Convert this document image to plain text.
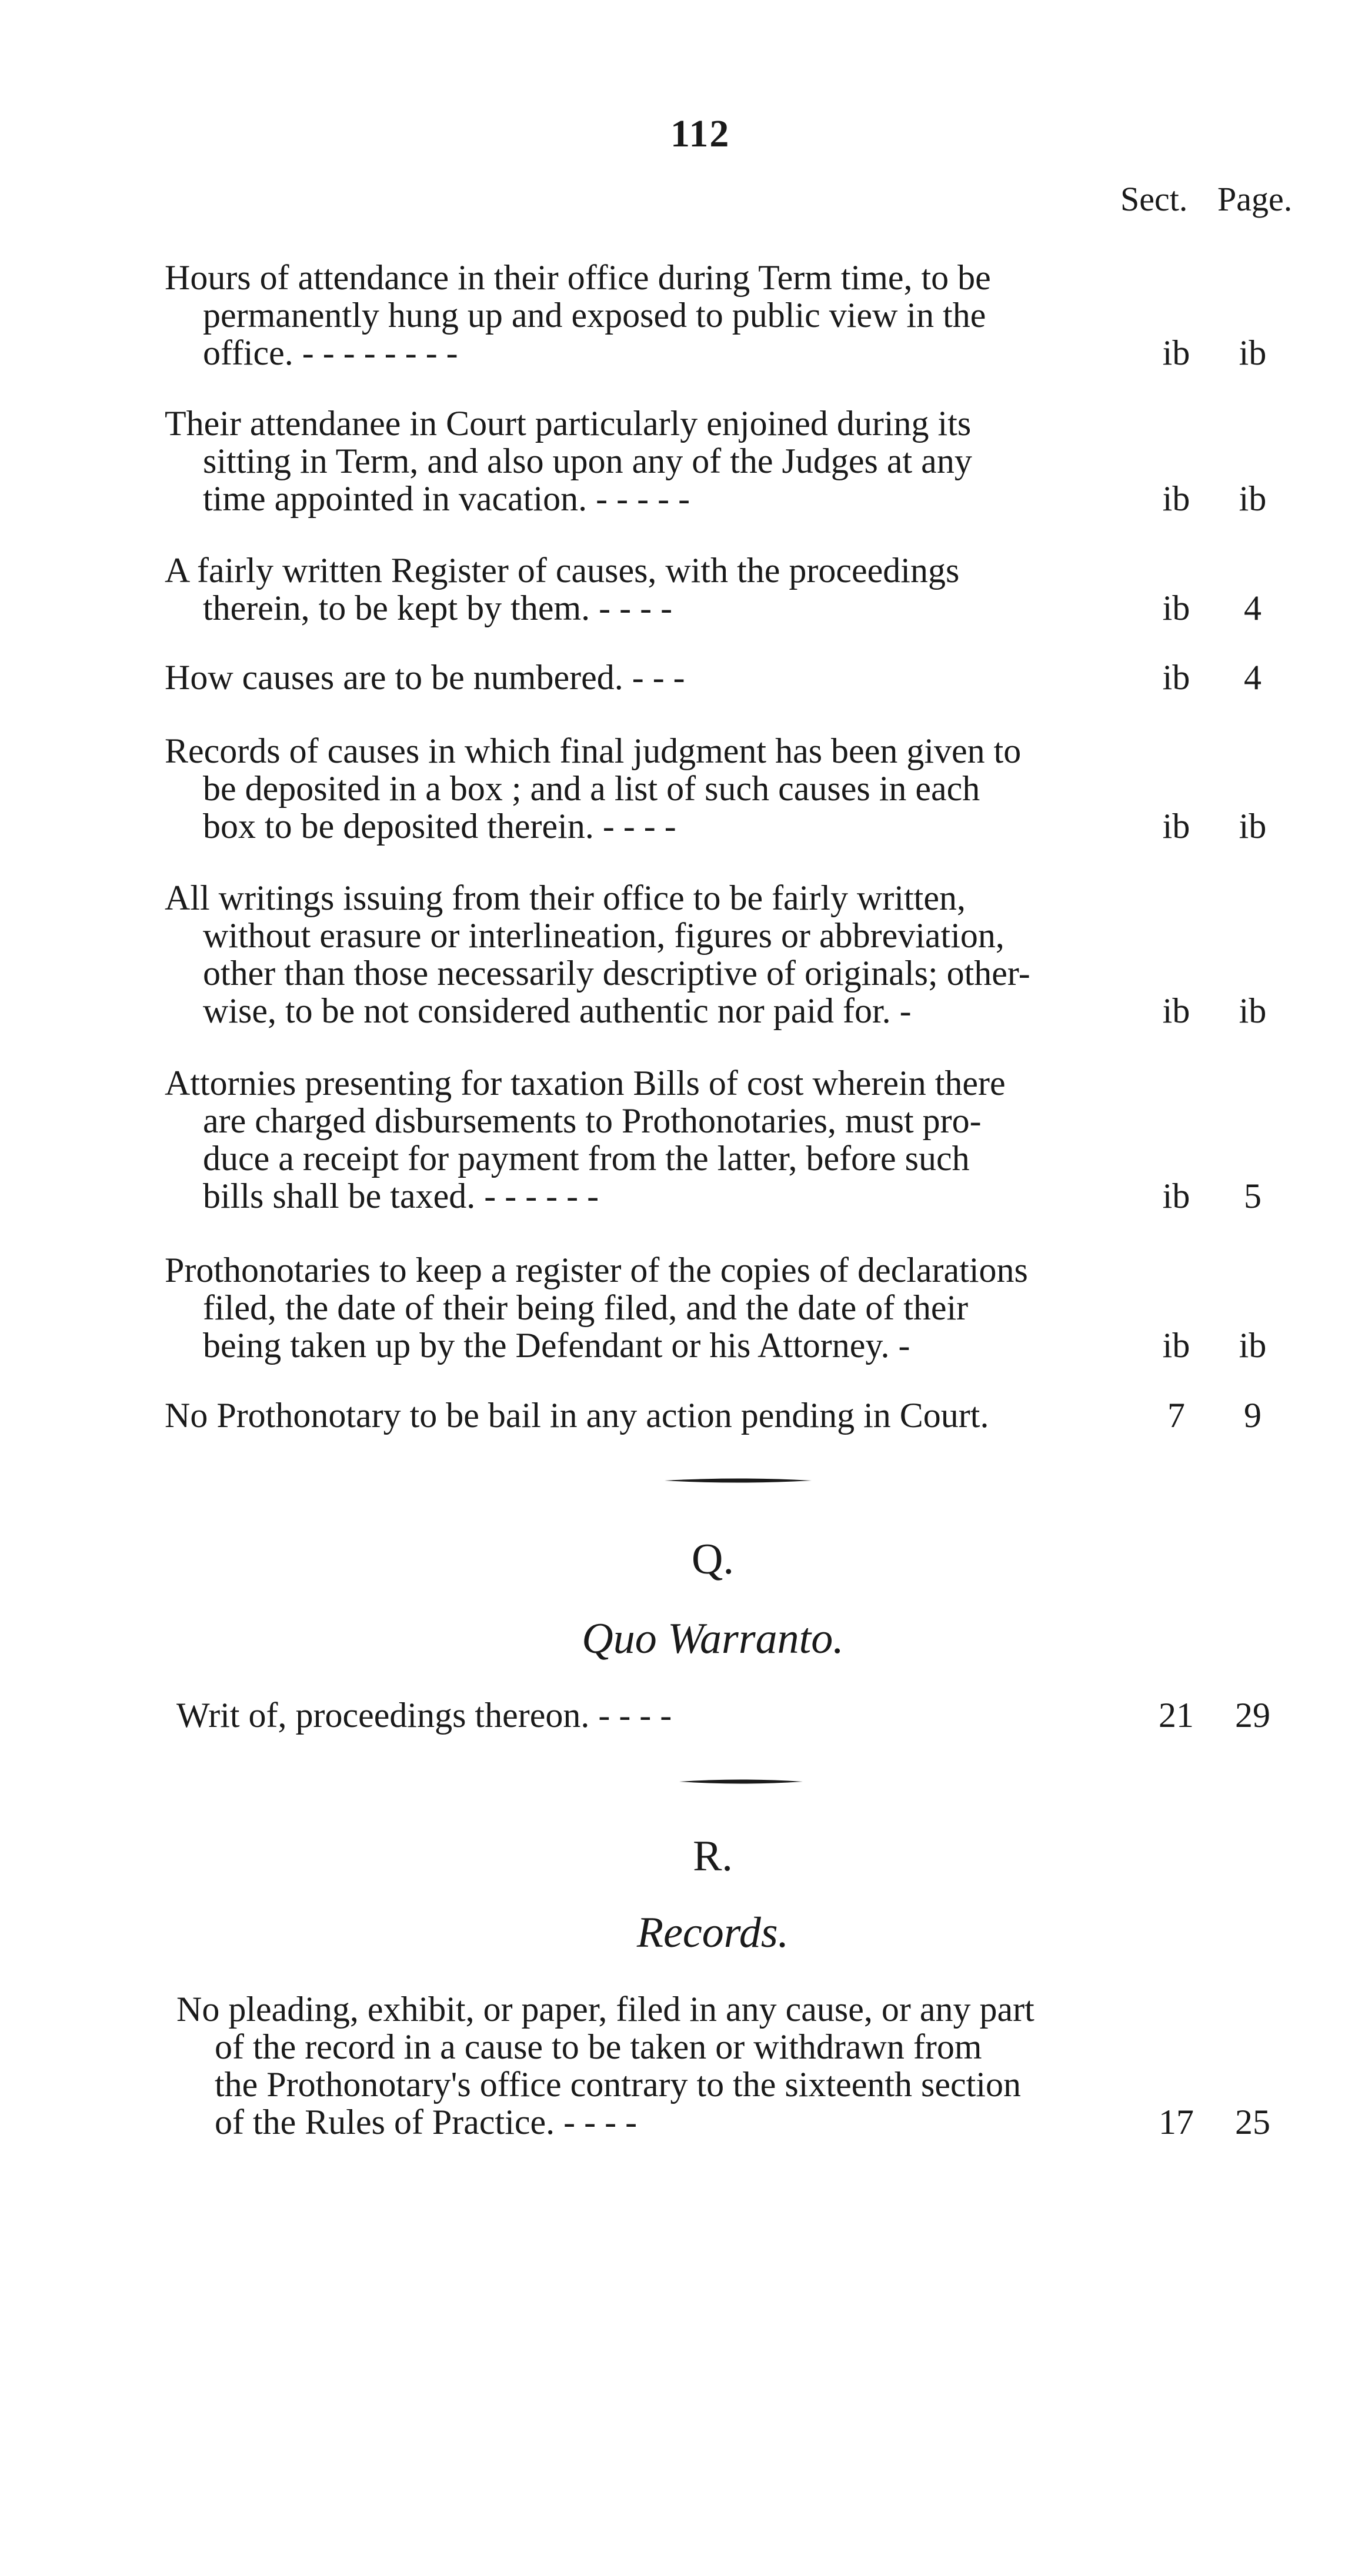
112
Sect. Page.
Hours of attendance in their office during Term time, to be
permanently hung up and exposed to public view in the
office. - - - - - - - -	ib	ib
Their attendanee in Court particularly enjoined during its
sitting in Term, and also upon any of the Judges at any
time appointed in vacation. - - - - -	ib	ib
A fairly written Register of causes, with the proceedings
therein, to be kept by them. - - - -	ib	4
How causes are to be numbered. - - -	ib	4
Records of causes in which final judgment has been given to
be deposited in a box ; and a list of such causes in each
box to be deposited therein. - - - -	ib	ib
All writings issuing from their office to be fairly written,
without erasure or interlineation, figures or abbreviation,
other than those necessarily descriptive of originals; other-
wise, to be not considered authentic nor paid for. -	ib	ib
Attornies presenting for taxation Bills of cost wherein there
are charged disbursements to Prothonotaries, must pro-
duce a receipt for payment from the latter, before such
bills shall be taxed. - - - - - -	ib	5
Prothonotaries to keep a register of the copies of declarations
filed, the date of their being filed, and the date of their
being taken up by the Defendant or his Attorney. -	ib	ib
No Prothonotary to be bail in any action pending in Court.	7	9
Q.
Quo Warranto.
Writ of, proceedings thereon. - - - -	21	29
R.
Records.
No pleading, exhibit, or paper, filed in any cause, or any part
of the record in a cause to be taken or withdrawn from
the Prothonotary's office contrary to the sixteenth section
of the Rules of Practice. - - - -	17	25
